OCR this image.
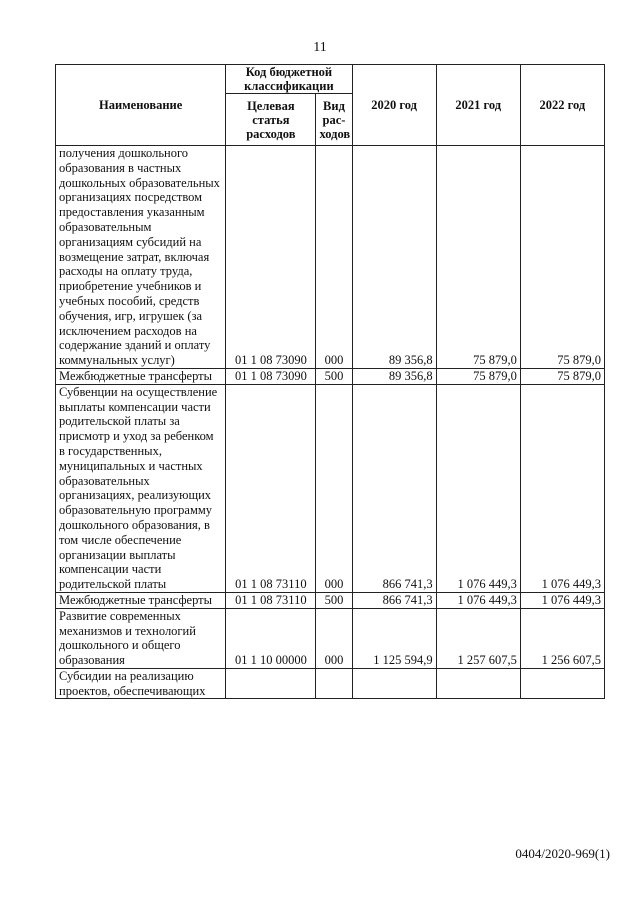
11
Наименование	Код бюджетной классификации		2020 год	2021 год	2022 год
	Целевая статья расходов	Вид рас-ходов			
получения дошкольного образования в частных дошкольных образовательных организациях посредством предоставления указанным образовательным организациям субсидий на возмещение затрат, включая расходы на оплату труда, приобретение учебников и учебных пособий, средств обучения, игр, игрушек (за исключением расходов на содержание зданий и оплату коммунальных услуг)	01 1 08 73090	000	89 356,8	75 879,0	75 879,0
Межбюджетные трансферты	01 1 08 73090	500	89 356,8	75 879,0	75 879,0
Субвенции на осуществление выплаты компенсации части родительской платы за присмотр и уход за ребенком в государственных, муниципальных и частных образовательных организациях, реализующих образовательную программу дошкольного образования, в том числе обеспечение организации выплаты компенсации части родительской платы	01 1 08 73110	000	866 741,3	1 076 449,3	1 076 449,3
Межбюджетные трансферты	01 1 08 73110	500	866 741,3	1 076 449,3	1 076 449,3
Развитие современных механизмов и технологий дошкольного и общего образования	01 1 10 00000	000	1 125 594,9	1 257 607,5	1 256 607,5
Субсидии на реализацию проектов, обеспечивающих					
0404/2020-969(1)
